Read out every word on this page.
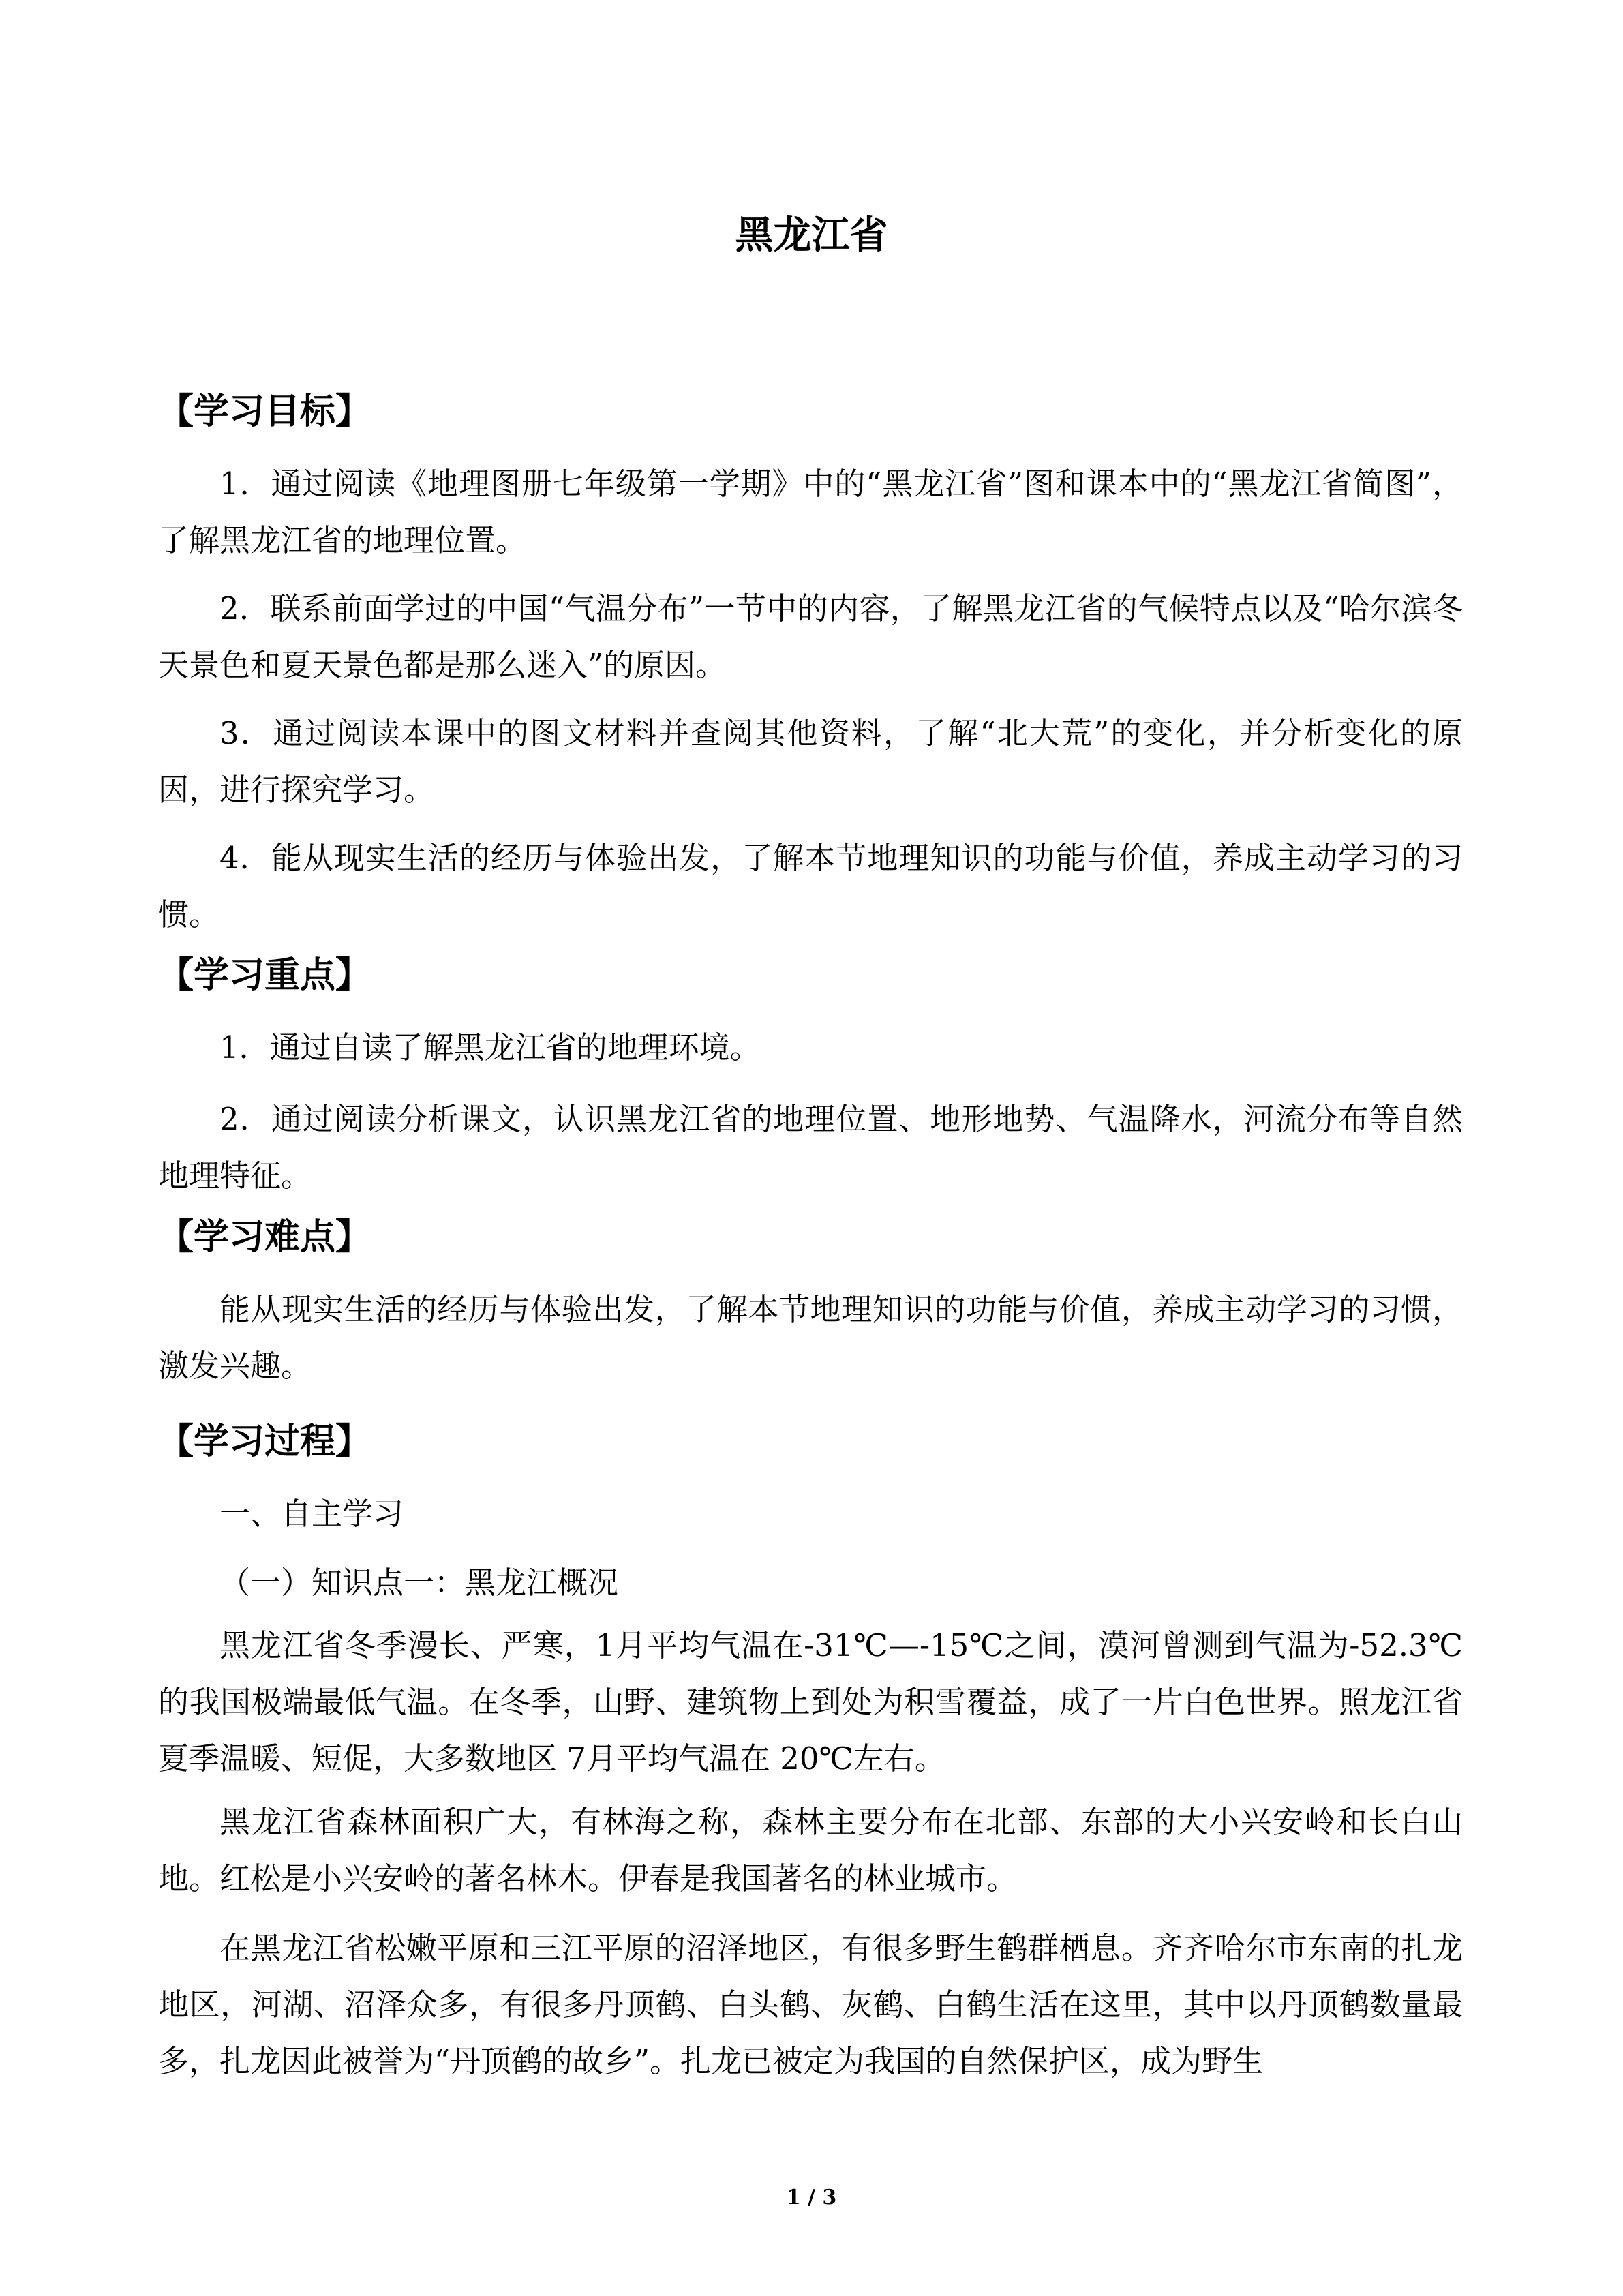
黑龙江省
【学习目标】
1．通过阅读《地理图册七年级第一学期》中的“黑龙江省”图和课本中的“黑龙江省简图”，了解黑龙江省的地理位置。
2．联系前面学过的中国“气温分布”一节中的内容，了解黑龙江省的气候特点以及“哈尔滨冬天景色和夏天景色都是那么迷入”的原因。
3．通过阅读本课中的图文材料并查阅其他资料，了解“北大荒”的变化，并分析变化的原因，进行探究学习。
4．能从现实生活的经历与体验出发，了解本节地理知识的功能与价值，养成主动学习的习惯。
【学习重点】
1．通过自读了解黑龙江省的地理环境。
2．通过阅读分析课文，认识黑龙江省的地理位置、地形地势、气温降水，河流分布等自然地理特征。
【学习难点】
能从现实生活的经历与体验出发，了解本节地理知识的功能与价值，养成主动学习的习惯，激发兴趣。
【学习过程】
一、自主学习
（一）知识点一：黑龙江概况
黑龙江省冬季漫长、严寒，1月平均气温在-31℃—-15℃之间，漠河曾测到气温为-52.3℃的我国极端最低气温。在冬季，山野、建筑物上到处为积雪覆益，成了一片白色世界。照龙江省夏季温暖、短促，大多数地区 7月平均气温在 20℃左右。
黑龙江省森林面积广大，有林海之称，森林主要分布在北部、东部的大小兴安岭和长白山地。红松是小兴安岭的著名林木。伊春是我国著名的林业城市。
在黑龙江省松嫩平原和三江平原的沼泽地区，有很多野生鹤群栖息。齐齐哈尔市东南的扎龙地区，河湖、沼泽众多，有很多丹顶鹤、白头鹤、灰鹤、白鹤生活在这里，其中以丹顶鹤数量最多，扎龙因此被誉为“丹顶鹤的故乡”。扎龙已被定为我国的自然保护区，成为野生
1 / 3
